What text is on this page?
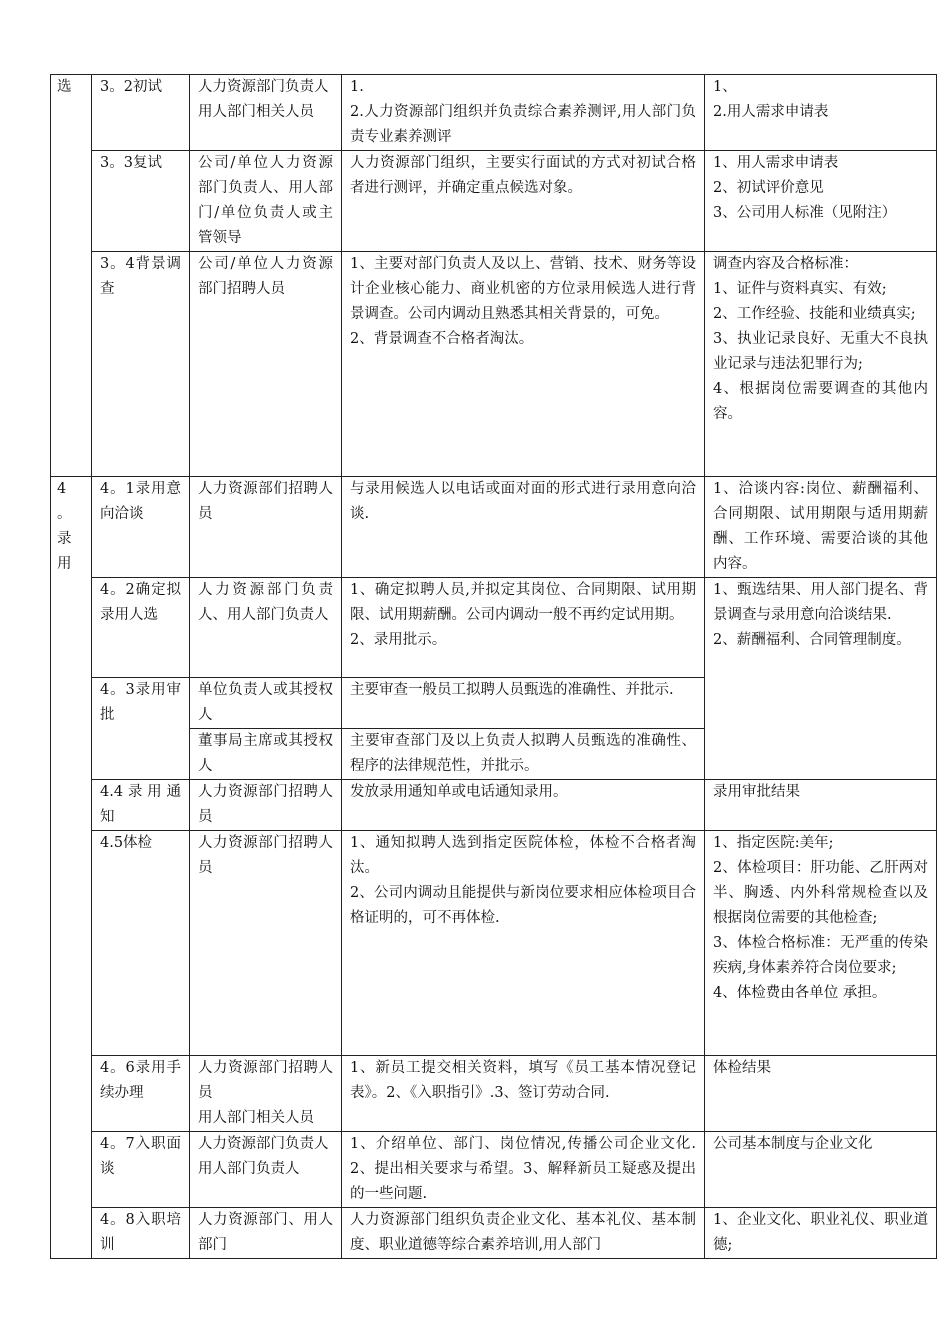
选	3。2初试	人力资源部门负责人
用人部门相关人员	1.
2.人力资源部门组织并负责综合素养测评,用人部门负责专业素养测评	1、
2.用人需求申请表
	3。3复试	公司/单位人力资源部门负责人、用人部门/单位负责人或主管领导	人力资源部门组织，主要实行面试的方式对初试合格者进行测评，并确定重点候选对象。	1、用人需求申请表
2、初试评价意见
3、公司用人标准（见附注）
	3。4背景调查	公司/单位人力资源部门招聘人员	1、主要对部门负责人及以上、营销、技术、财务等设计企业核心能力、商业机密的方位录用候选人进行背景调查。公司内调动且熟悉其相关背景的，可免。
2、背景调查不合格者淘汰。	调查内容及合格标准：
1、证件与资料真实、有效;
2、工作经验、技能和业绩真实;
3、执业记录良好、无重大不良执业记录与违法犯罪行为;
4、根据岗位需要调查的其他内容。
4
。
录
用	4。1录用意向洽谈	人力资源部们招聘人员	与录用候选人以电话或面对面的形式进行录用意向洽谈.	1、洽谈内容:岗位、薪酬福利、合同期限、试用期限与适用期薪酬、工作环境、需要洽谈的其他内容。
	4。2确定拟录用人选	人力资源部门负责人、用人部门负责人	1、确定拟聘人员,并拟定其岗位、合同期限、试用期限、试用期薪酬。公司内调动一般不再约定试用期。
2、录用批示。	1、甄选结果、用人部门提名、背景调查与录用意向洽谈结果.
2、薪酬福利、合同管理制度。
	4。3录用审批	单位负责人或其授权人	主要审查一般员工拟聘人员甄选的准确性、并批示.	
		董事局主席或其授权人	主要审查部门及以上负责人拟聘人员甄选的准确性、程序的法律规范性，并批示。	
	4.4录用通知	人力资源部门招聘人员	发放录用通知单或电话通知录用。	录用审批结果
	4.5体检	人力资源部门招聘人员	1、通知拟聘人选到指定医院体检，体检不合格者淘汰。
2、公司内调动且能提供与新岗位要求相应体检项目合格证明的，可不再体检.	1、指定医院:美年;
2、体检项目：肝功能、乙肝两对半、胸透、内外科常规检查以及根据岗位需要的其他检查;
3、体检合格标准：无严重的传染疾病,身体素养符合岗位要求;
4、体检费由各单位 承担。
	4。6录用手续办理	人力资源部门招聘人员
用人部门相关人员	1、新员工提交相关资料，填写《员工基本情况登记表》。2、《入职指引》.3、签订劳动合同.	体检结果
	4。7入职面谈	人力资源部门负责人
用人部门负责人	1、介绍单位、部门、岗位情况,传播公司企业文化.2、提出相关要求与希望。3、解释新员工疑惑及提出的一些问题.	公司基本制度与企业文化
	4。8入职培训	人力资源部门、用人部门	人力资源部门组织负责企业文化、基本礼仪、基本制度、职业道德等综合素养培训,用人部门	1、企业文化、职业礼仪、职业道德;
